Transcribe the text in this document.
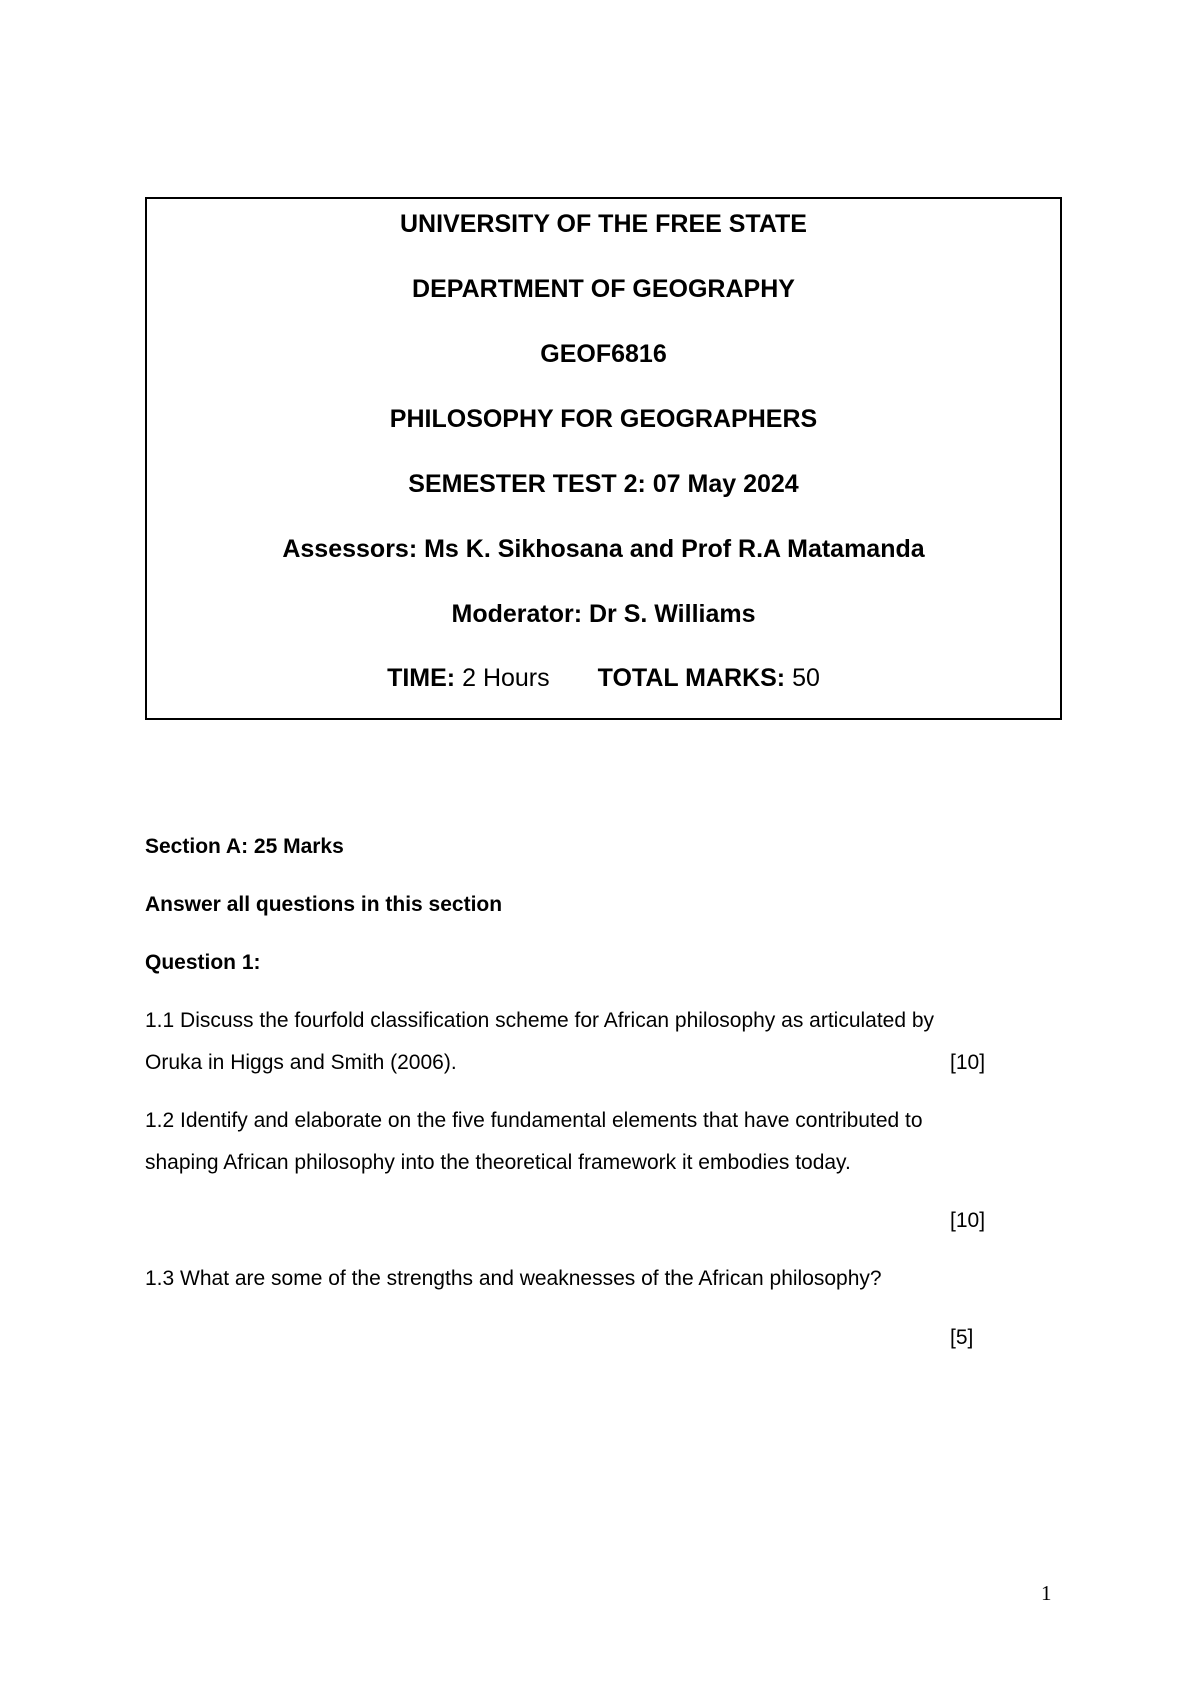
UNIVERSITY OF THE FREE STATE
DEPARTMENT OF GEOGRAPHY
GEOF6816
PHILOSOPHY FOR GEOGRAPHERS
SEMESTER TEST 2: 07 May 2024
Assessors: Ms K. Sikhosana and Prof R.A Matamanda
Moderator: Dr S. Williams
TIME: 2 Hours TOTAL MARKS: 50
Section A: 25 Marks
Answer all questions in this section
Question 1:
1.1 Discuss the fourfold classification scheme for African philosophy as articulated by
Oruka in Higgs and Smith (2006).	[10]
1.2 Identify and elaborate on the five fundamental elements that have contributed to
shaping African philosophy into the theoretical framework it embodies today.
[10]
1.3 What are some of the strengths and weaknesses of the African philosophy?
[5]
1
